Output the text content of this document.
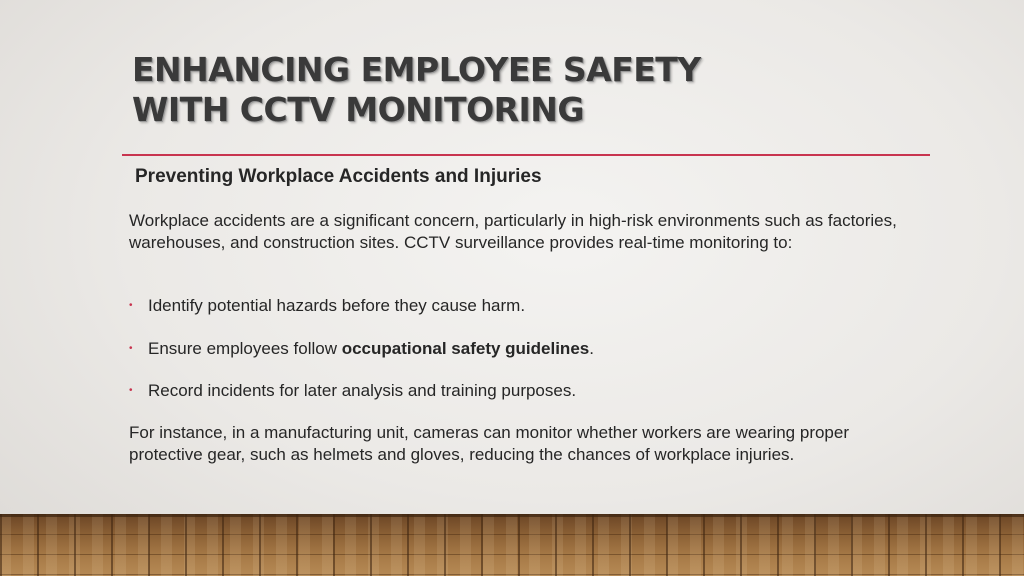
ENHANCING EMPLOYEE SAFETY
WITH CCTV MONITORING
Preventing Workplace Accidents and Injuries

Workplace accidents are a significant concern, particularly in high-risk environments such as factories, warehouses, and construction sites. CCTV surveillance provides real-time monitoring to:

• Identify potential hazards before they cause harm.
• Ensure employees follow occupational safety guidelines.
• Record incidents for later analysis and training purposes.

For instance, in a manufacturing unit, cameras can monitor whether workers are wearing proper protective gear, such as helmets and gloves, reducing the chances of workplace injuries.
